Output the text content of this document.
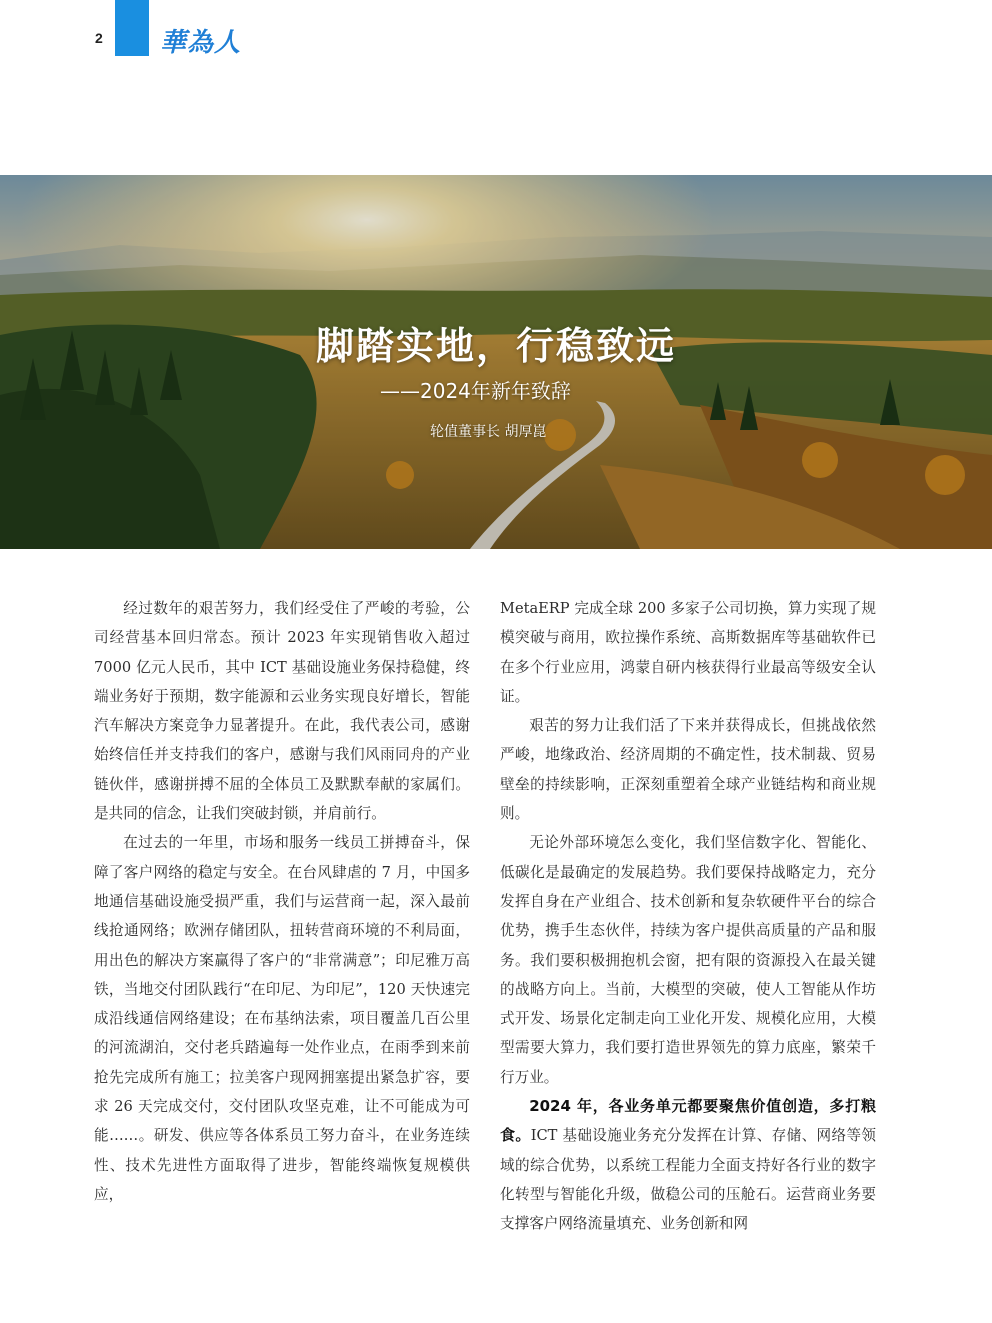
2 華為人
脚踏实地，行稳致远
——2024年新年致辞
轮值董事长 胡厚崑

经过数年的艰苦努力，我们经受住了严峻的考验，公司经营基本回归常态。预计 2023 年实现销售收入超过 7000 亿元人民币，其中 ICT 基础设施业务保持稳健，终端业务好于预期，数字能源和云业务实现良好增长，智能汽车解决方案竞争力显著提升。在此，我代表公司，感谢始终信任并支持我们的客户，感谢与我们风雨同舟的产业链伙伴，感谢拼搏不屈的全体员工及默默奉献的家属们。是共同的信念，让我们突破封锁，并肩前行。

在过去的一年里，市场和服务一线员工拼搏奋斗，保障了客户网络的稳定与安全。在台风肆虐的 7 月，中国多地通信基础设施受损严重，我们与运营商一起，深入最前线抢通网络；欧洲存储团队，扭转营商环境的不利局面，用出色的解决方案赢得了客户的“非常满意”；印尼雅万高铁，当地交付团队践行“在印尼、为印尼”，120 天快速完成沿线通信网络建设；在布基纳法索，项目覆盖几百公里的河流湖泊，交付老兵踏遍每一处作业点，在雨季到来前抢先完成所有施工；拉美客户现网拥塞提出紧急扩容，要求 26 天完成交付，交付团队攻坚克难，让不可能成为可能……。研发、供应等各体系员工努力奋斗，在业务连续性、技术先进性方面取得了进步，智能终端恢复规模供应，

MetaERP 完成全球 200 多家子公司切换，算力实现了规模突破与商用，欧拉操作系统、高斯数据库等基础软件已在多个行业应用，鸿蒙自研内核获得行业最高等级安全认证。

艰苦的努力让我们活了下来并获得成长，但挑战依然严峻，地缘政治、经济周期的不确定性，技术制裁、贸易壁垒的持续影响，正深刻重塑着全球产业链结构和商业规则。

无论外部环境怎么变化，我们坚信数字化、智能化、低碳化是最确定的发展趋势。我们要保持战略定力，充分发挥自身在产业组合、技术创新和复杂软硬件平台的综合优势，携手生态伙伴，持续为客户提供高质量的产品和服务。我们要积极拥抱机会窗，把有限的资源投入在最关键的战略方向上。当前，大模型的突破，使人工智能从作坊式开发、场景化定制走向工业化开发、规模化应用，大模型需要大算力，我们要打造世界领先的算力底座，繁荣千行万业。

2024 年，各业务单元都要聚焦价值创造，多打粮食。ICT 基础设施业务充分发挥在计算、存储、网络等领域的综合优势，以系统工程能力全面支持好各行业的数字化转型与智能化升级，做稳公司的压舱石。运营商业务要支撑客户网络流量填充、业务创新和网
